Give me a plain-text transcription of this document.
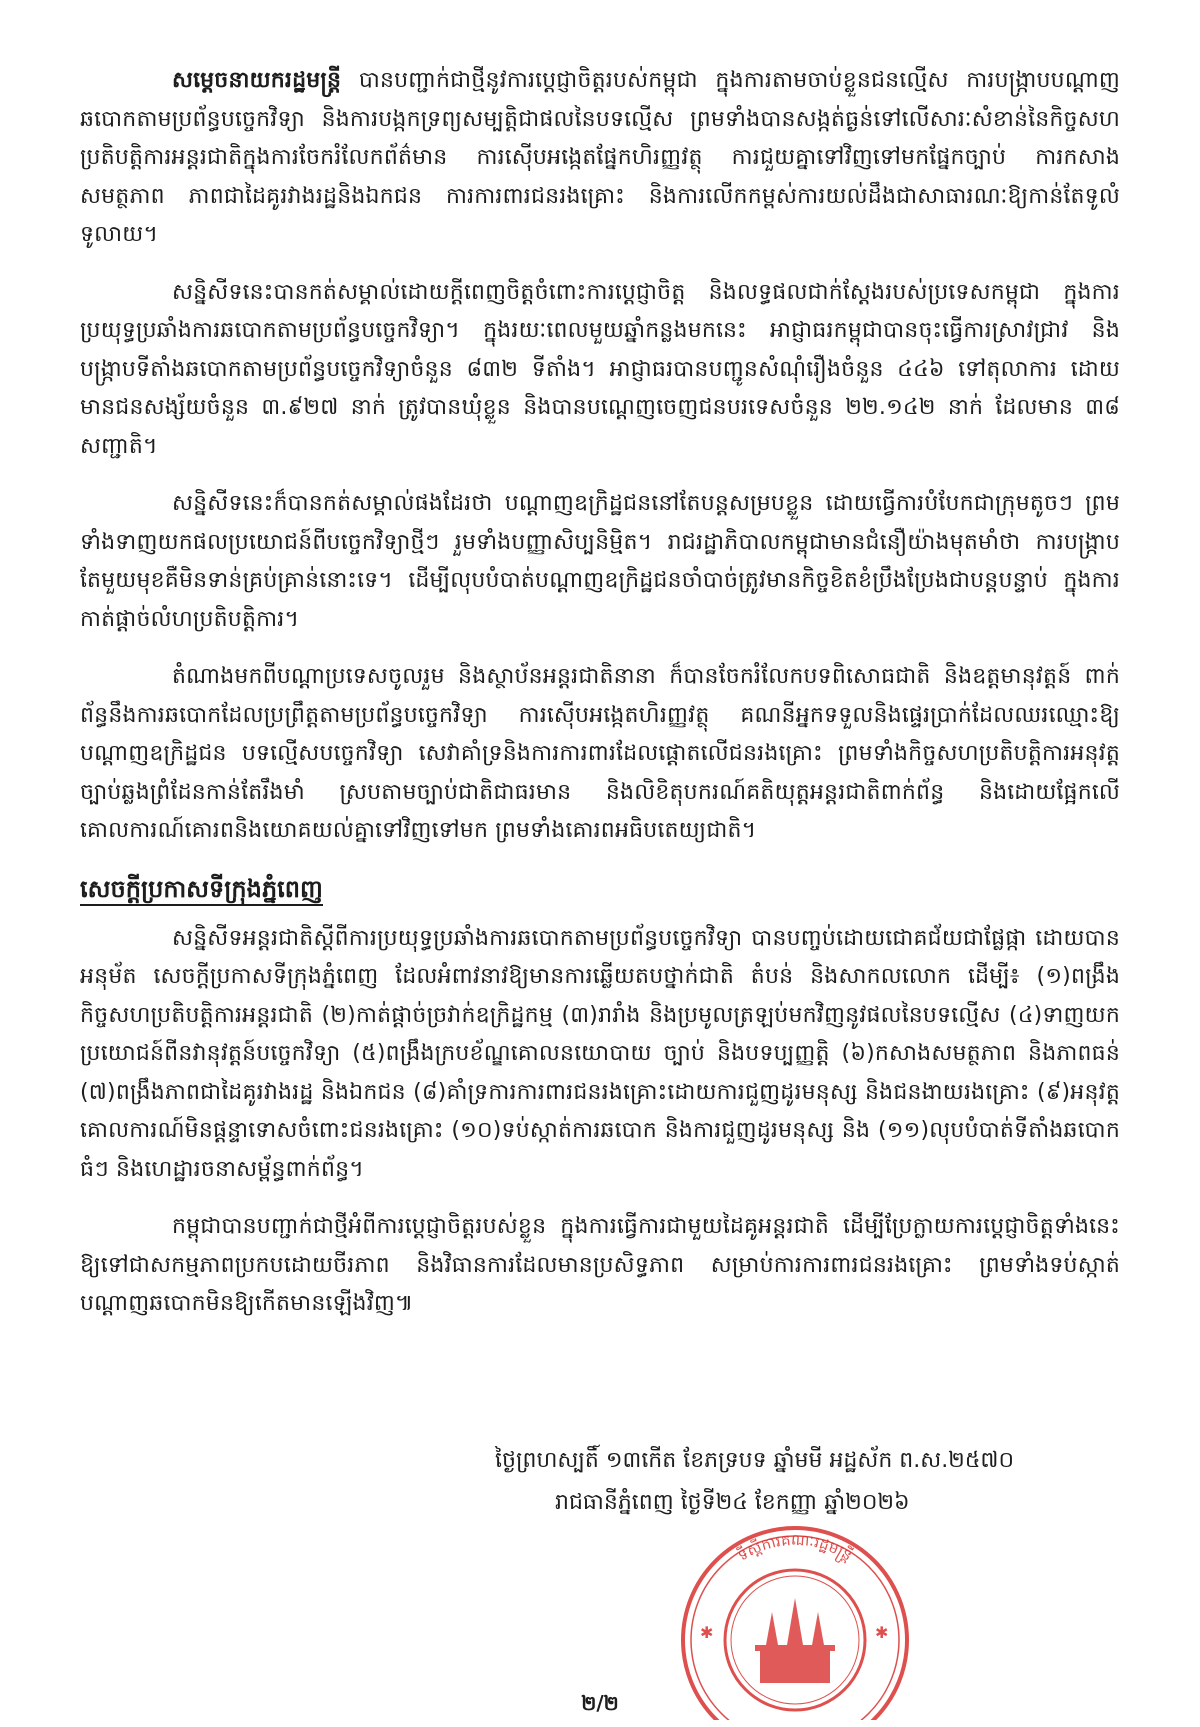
សម្ដេចនាយករដ្ឋមន្ត្រី បានបញ្ជាក់ជាថ្មីនូវការប្តេជ្ញាចិត្តរបស់កម្ពុជា ក្នុងការតាមចាប់ខ្លួនជនល្មើស ការបង្ក្រាបបណ្តាញឆបោកតាមប្រព័ន្ធបច្ចេកវិទ្យា និងការបង្កកទ្រព្យសម្បត្តិជាផលនៃបទល្មើស ព្រមទាំងបានសង្កត់ធ្ងន់ទៅលើសារៈសំខាន់នៃកិច្ចសហប្រតិបត្តិការអន្តរជាតិក្នុងការចែករំលែកព័ត៌មាន ការស៊ើបអង្កេតផ្នែកហិរញ្ញវត្ថុ ការជួយគ្នាទៅវិញទៅមកផ្នែកច្បាប់ ការកសាងសមត្ថភាព ភាពជាដៃគូរវាងរដ្ឋនិងឯកជន ការការពារជនរងគ្រោះ និងការលើកកម្ពស់ការយល់ដឹងជាសាធារណៈឱ្យកាន់តែទូលំទូលាយ។

សន្និសីទនេះបានកត់សម្គាល់ដោយក្តីពេញចិត្តចំពោះការប្តេជ្ញាចិត្ត និងលទ្ធផលជាក់ស្តែងរបស់ប្រទេសកម្ពុជា ក្នុងការប្រយុទ្ធប្រឆាំងការឆបោកតាមប្រព័ន្ធបច្ចេកវិទ្យា។ ក្នុងរយៈពេលមួយឆ្នាំកន្លងមកនេះ អាជ្ញាធរកម្ពុជាបានចុះធ្វើការស្រាវជ្រាវ និងបង្ក្រាបទីតាំងឆបោកតាមប្រព័ន្ធបច្ចេកវិទ្យាចំនួន ៨៣២ ទីតាំង។ អាជ្ញាធរបានបញ្ជូនសំណុំរឿងចំនួន ៤៤៦ ទៅតុលាការ ដោយមានជនសង្ស័យចំនួន ៣.៩២៧ នាក់ ត្រូវបានឃុំខ្លួន និងបានបណ្តេញចេញជនបរទេសចំនួន ២២.១៤២ នាក់ ដែលមាន ៣៨ សញ្ជាតិ។

សន្និសីទនេះក៏បានកត់សម្គាល់ផងដែរថា បណ្តាញឧក្រិដ្ឋជននៅតែបន្តសម្របខ្លួន ដោយធ្វើការបំបែកជាក្រុមតូចៗ ព្រមទាំងទាញយកផលប្រយោជន៍ពីបច្ចេកវិទ្យាថ្មីៗ រួមទាំងបញ្ញាសិប្បនិម្មិត។ រាជរដ្ឋាភិបាលកម្ពុជាមានជំនឿយ៉ាងមុតមាំថា ការបង្ក្រាបតែមួយមុខគឺមិនទាន់គ្រប់គ្រាន់នោះទេ។ ដើម្បីលុបបំបាត់បណ្តាញឧក្រិដ្ឋជនចាំបាច់ត្រូវមានកិច្ចខិតខំប្រឹងប្រែងជាបន្តបន្ទាប់ ក្នុងការកាត់ផ្តាច់លំហប្រតិបត្តិការ។

តំណាងមកពីបណ្តាប្រទេសចូលរួម និងស្ថាប័នអន្តរជាតិនានា ក៏បានចែករំលែកបទពិសោធជាតិ និងឧត្តមានុវត្តន៍ ពាក់ព័ន្ធនឹងការឆបោកដែលប្រព្រឹត្តតាមប្រព័ន្ធបច្ចេកវិទ្យា ការស៊ើបអង្កេតហិរញ្ញវត្ថុ គណនីអ្នកទទួលនិងផ្ទេរប្រាក់ដែលឈរឈ្មោះឱ្យបណ្តាញឧក្រិដ្ឋជន បទល្មើសបច្ចេកវិទ្យា សេវាគាំទ្រនិងការការពារដែលផ្តោតលើជនរងគ្រោះ ព្រមទាំងកិច្ចសហប្រតិបត្តិការអនុវត្តច្បាប់ឆ្លងព្រំដែនកាន់តែរឹងមាំ ស្របតាមច្បាប់ជាតិជាធរមាន និងលិខិតុបករណ៍គតិយុត្តអន្តរជាតិពាក់ព័ន្ធ និងដោយផ្អែកលើគោលការណ៍គោរពនិងយោគយល់គ្នាទៅវិញទៅមក ព្រមទាំងគោរពអធិបតេយ្យជាតិ។

សេចក្តីប្រកាសទីក្រុងភ្នំពេញ

សន្និសីទអន្តរជាតិស្តីពីការប្រយុទ្ធប្រឆាំងការឆបោកតាមប្រព័ន្ធបច្ចេកវិទ្យា បានបញ្ចប់ដោយជោគជ័យជាផ្លែផ្កា ដោយបានអនុម័ត សេចក្តីប្រកាសទីក្រុងភ្នំពេញ ដែលអំពាវនាវឱ្យមានការឆ្លើយតបថ្នាក់ជាតិ តំបន់ និងសាកលលោក ដើម្បី៖ (១)ពង្រឹងកិច្ចសហប្រតិបត្តិការអន្តរជាតិ (២)កាត់ផ្តាច់ច្រវាក់ឧក្រិដ្ឋកម្ម (៣)រារាំង និងប្រមូលត្រឡប់មកវិញនូវផលនៃបទល្មើស (៤)ទាញយកប្រយោជន៍ពីនវានុវត្តន៍បច្ចេកវិទ្យា (៥)ពង្រឹងក្របខ័ណ្ឌគោលនយោបាយ ច្បាប់ និងបទប្បញ្ញត្តិ (៦)កសាងសមត្ថភាព និងភាពធន់ (៧)ពង្រឹងភាពជាដៃគូរវាងរដ្ឋ និងឯកជន (៨)គាំទ្រការការពារជនរងគ្រោះដោយការជួញដូរមនុស្ស និងជនងាយរងគ្រោះ (៩)អនុវត្តគោលការណ៍មិនផ្តន្ទាទោសចំពោះជនរងគ្រោះ (១០)ទប់ស្កាត់ការឆបោក និងការជួញដូរមនុស្ស និង (១១)លុបបំបាត់ទីតាំងឆបោកធំៗ និងហេដ្ឋារចនាសម្ព័ន្ធពាក់ព័ន្ធ។

កម្ពុជាបានបញ្ជាក់ជាថ្មីអំពីការប្តេជ្ញាចិត្តរបស់ខ្លួន ក្នុងការធ្វើការជាមួយដៃគូអន្តរជាតិ ដើម្បីប្រែក្លាយការប្តេជ្ញាចិត្តទាំងនេះឱ្យទៅជាសកម្មភាពប្រកបដោយចីរភាព និងវិធានការដែលមានប្រសិទ្ធភាព សម្រាប់ការការពារជនរងគ្រោះ ព្រមទាំងទប់ស្កាត់បណ្តាញឆបោកមិនឱ្យកើតមានឡើងវិញ៕

ថ្ងៃព្រហស្បតិ៍ ១៣កើត ខែភទ្របទ ឆ្នាំមមី អដ្ឋស័ក ព.ស.២៥៧០
រាជធានីភ្នំពេញ ថ្ងៃទី២៤ ខែកញ្ញា ឆ្នាំ២០២៦
ទីស្ដីការគណៈរដ្ឋមន្ត្រី
✱	✱
២/២
